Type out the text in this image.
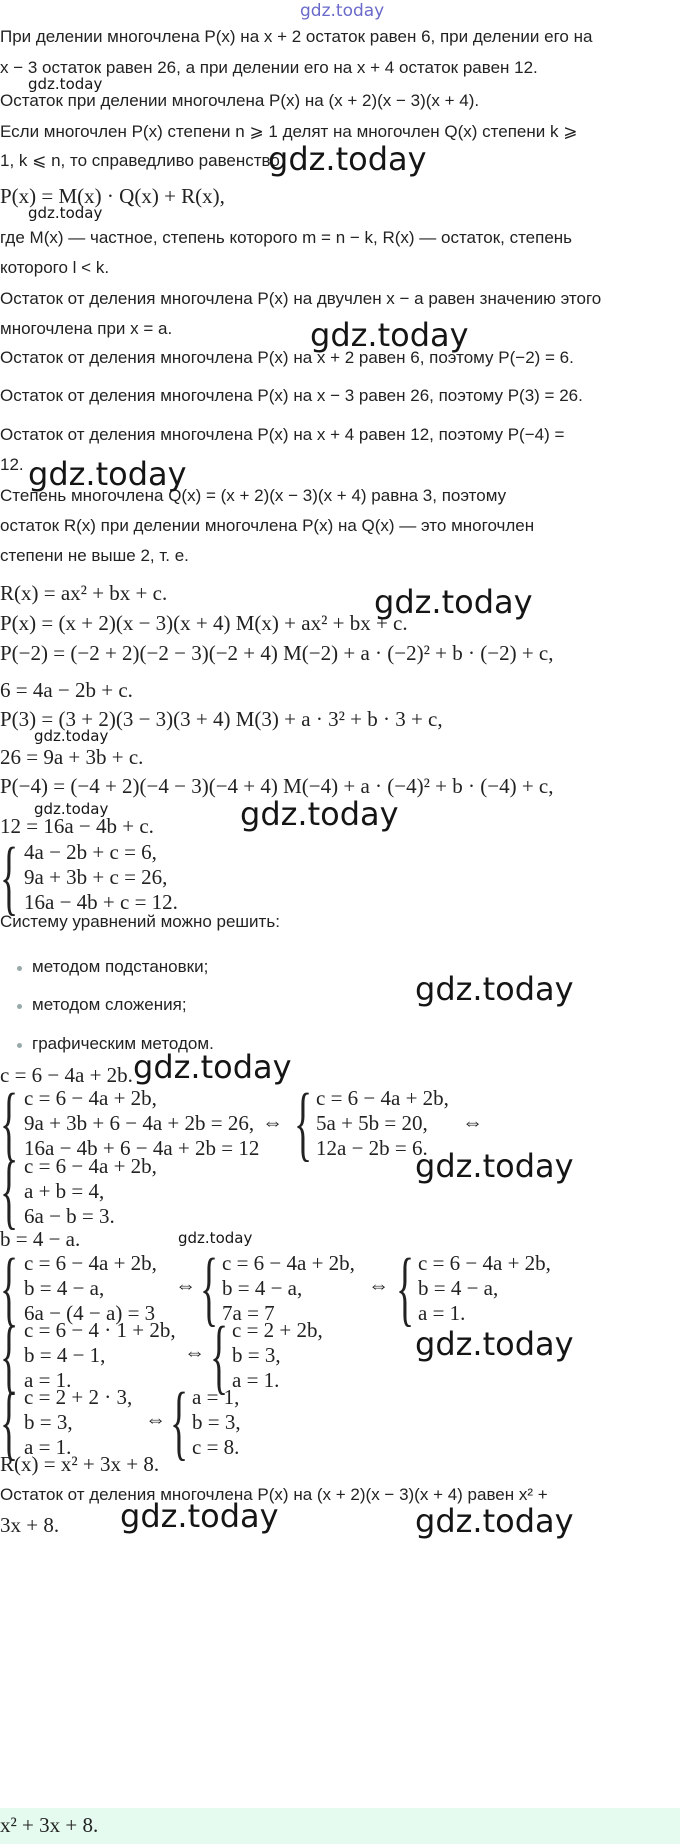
gdz.today
При делении многочлена P(x) на x + 2 остаток равен 6, при делении его на
x − 3 остаток равен 26, а при делении его на x + 4 остаток равен 12.
Остаток при делении многочлена P(x) на (x + 2)(x − 3)(x + 4).
Если многочлен P(x) степени n ⩾ 1 делят на многочлен Q(x) степени k ⩾
1, k ⩽ n, то справедливо равенство
P(x) = M(x) · Q(x) + R(x),
где M(x) — частное, степень которого m = n − k, R(x) — остаток, степень
которого l < k.
Остаток от деления многочлена P(x) на двучлен x − a равен значению этого
многочлена при x = a.
Остаток от деления многочлена P(x) на x + 2 равен 6, поэтому P(−2) = 6.
Остаток от деления многочлена P(x) на x − 3 равен 26, поэтому P(3) = 26.
Остаток от деления многочлена P(x) на x + 4 равен 12, поэтому P(−4) =
12.
Степень многочлена Q(x) = (x + 2)(x − 3)(x + 4) равна 3, поэтому
остаток R(x) при делении многочлена P(x) на Q(x) — это многочлен
степени не выше 2, т. е.
R(x) = ax² + bx + c.
P(x) = (x + 2)(x − 3)(x + 4) M(x) + ax² + bx + c.
P(−2) = (−2 + 2)(−2 − 3)(−2 + 4) M(−2) + a · (−2)² + b · (−2) + c,
6 = 4a − 2b + c.
P(3) = (3 + 2)(3 − 3)(3 + 4) M(3) + a · 3² + b · 3 + c,
26 = 9a + 3b + c.
P(−4) = (−4 + 2)(−4 − 3)(−4 + 4) M(−4) + a · (−4)² + b · (−4) + c,
12 = 16a − 4b + c.
{ 4a − 2b + c = 6,
9a + 3b + c = 26,
16a − 4b + c = 12.
Систему уравнений можно решить:
методом подстановки;
методом сложения;
графическим методом.
c = 6 − 4a + 2b.
{ c = 6 − 4a + 2b,
9a + 3b + 6 − 4a + 2b = 26,
16a − 4b + 6 − 4a + 2b = 12
⇔ { c = 6 − 4a + 2b,
5a + 5b = 20,
12a − 2b = 6.
⇔
{ c = 6 − 4a + 2b,
a + b = 4,
6a − b = 3.
b = 4 − a.
{ c = 6 − 4a + 2b,
b = 4 − a,
6a − (4 − a) = 3
⇔ { c = 6 − 4a + 2b,
b = 4 − a,
7a = 7
⇔ { c = 6 − 4a + 2b,
b = 4 − a,
a = 1.
{ c = 6 − 4 · 1 + 2b,
b = 4 − 1,
a = 1.
⇔ { c = 2 + 2b,
b = 3,
a = 1.
{ c = 2 + 2 · 3,
b = 3,
a = 1.
⇔ { a = 1,
b = 3,
c = 8.
R(x) = x² + 3x + 8.
Остаток от деления многочлена P(x) на (x + 2)(x − 3)(x + 4) равен x² +
3x + 8.
x² + 3x + 8.
gdz.today
gdz.today
gdz.today
gdz.today
gdz.today
gdz.today
gdz.today
gdz.today
gdz.today
gdz.today
gdz.today
gdz.today
gdz.today
gdz.today
gdz.today	gdz.today
